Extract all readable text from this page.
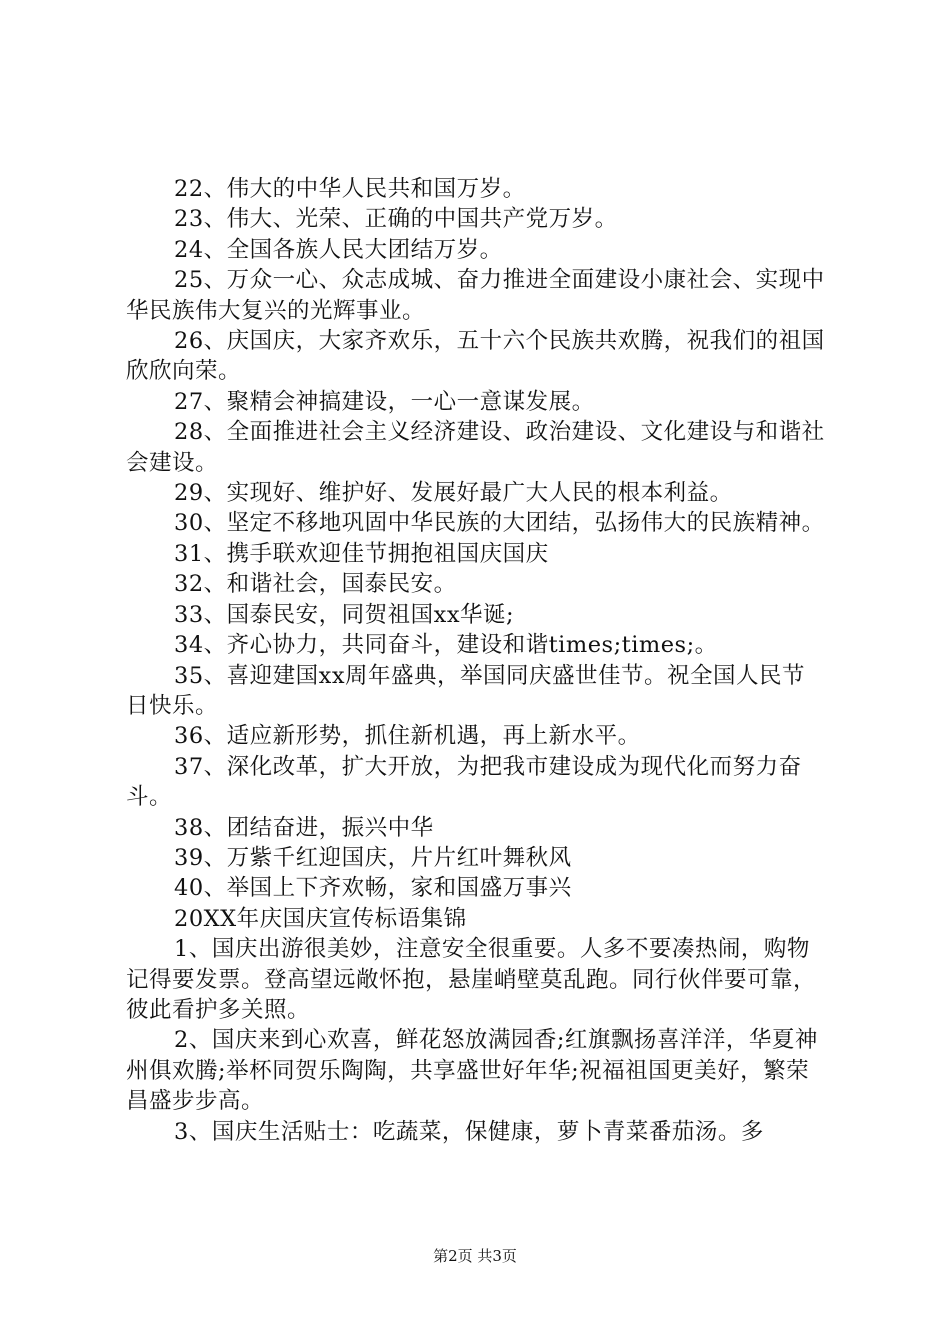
22、伟大的中华人民共和国万岁。

23、伟大、光荣、正确的中国共产党万岁。

24、全国各族人民大团结万岁。

25、万众一心、众志成城、奋力推进全面建设小康社会、实现中华民族伟大复兴的光辉事业。

26、庆国庆，大家齐欢乐，五十六个民族共欢腾，祝我们的祖国欣欣向荣。

27、聚精会神搞建设，一心一意谋发展。

28、全面推进社会主义经济建设、政治建设、文化建设与和谐社会建设。

29、实现好、维护好、发展好最广大人民的根本利益。

30、坚定不移地巩固中华民族的大团结，弘扬伟大的民族精神。

31、携手联欢迎佳节拥抱祖国庆国庆

32、和谐社会，国泰民安。

33、国泰民安，同贺祖国xx华诞;

34、齐心协力，共同奋斗，建设和谐times;times;。

35、喜迎建国xx周年盛典，举国同庆盛世佳节。祝全国人民节日快乐。

36、适应新形势，抓住新机遇，再上新水平。

37、深化改革，扩大开放，为把我市建设成为现代化而努力奋斗。

38、团结奋进，振兴中华

39、万紫千红迎国庆，片片红叶舞秋风

40、举国上下齐欢畅，家和国盛万事兴

20XX年庆国庆宣传标语集锦

1、国庆出游很美妙，注意安全很重要。人多不要凑热闹，购物记得要发票。登高望远敞怀抱，悬崖峭壁莫乱跑。同行伙伴要可靠，彼此看护多关照。

2、国庆来到心欢喜，鲜花怒放满园香;红旗飘扬喜洋洋，华夏神州俱欢腾;举杯同贺乐陶陶，共享盛世好年华;祝福祖国更美好，繁荣昌盛步步高。

3、国庆生活贴士：吃蔬菜，保健康，萝卜青菜番茄汤。多

第2页 共3页
